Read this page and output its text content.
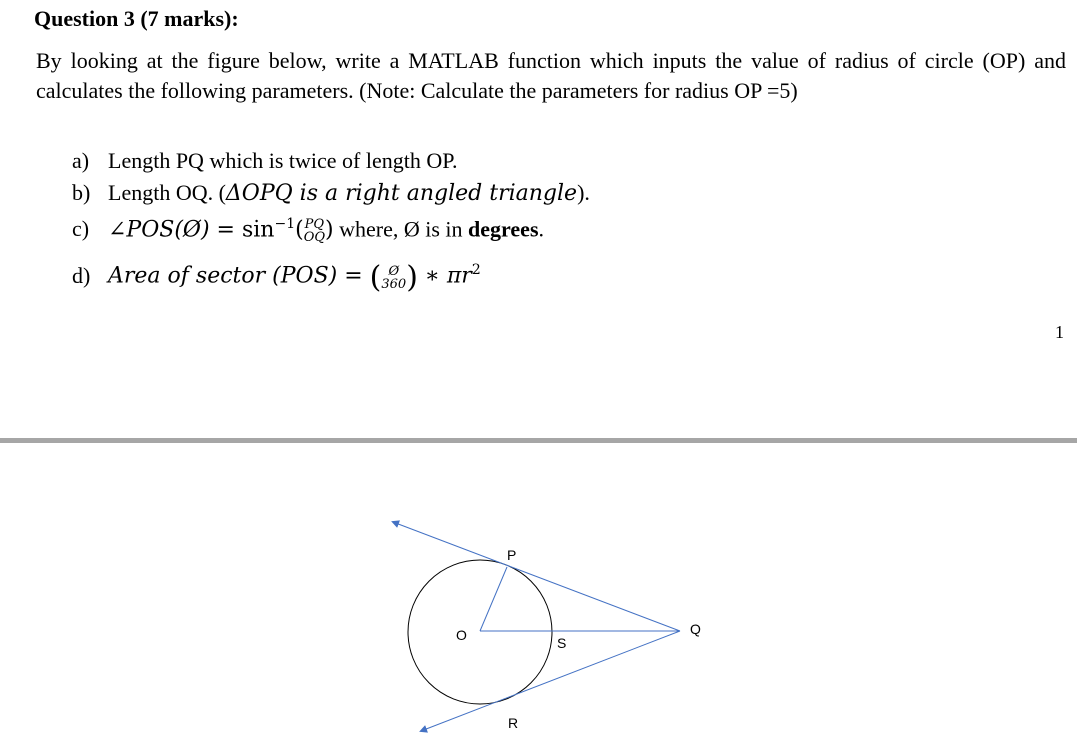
Question 3 (7 marks):
By looking at the figure below, write a MATLAB function which inputs the value of radius of circle (OP) and calculates the following parameters. (Note: Calculate the parameters for radius OP =5)
a) Length PQ which is twice of length OP.
b) Length OQ. (ΔOPQ is a right angled triangle).
c) ∠POS(Ø) = $\sin^{-1}$( PQ
OQ ) where, Ø is in degrees.
d) Area of sector (POS) = ( Ø
360 ) ∗ $\pi r^2$
1
P
O	S
Q
R
